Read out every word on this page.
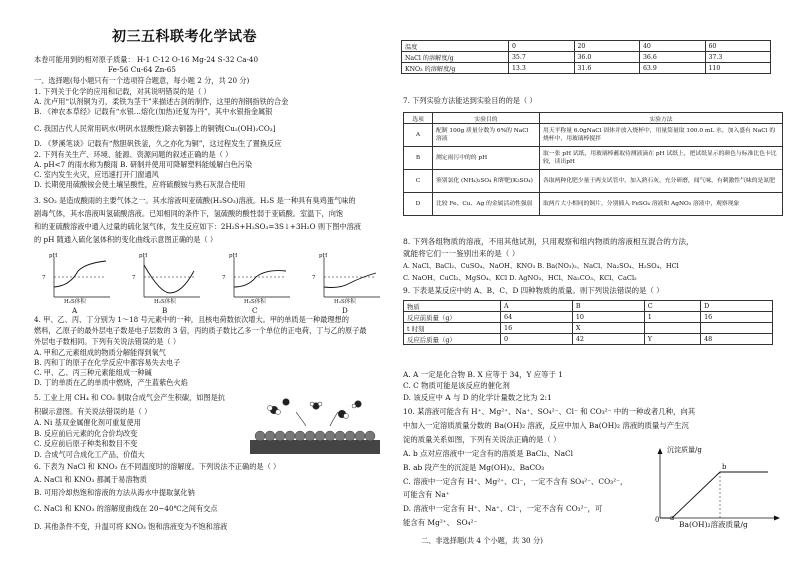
初三五科联考化学试卷
本卷可能用到的相对原子质量： H-1 C-12 O-16 Mg-24 S-32 Ca-40
Fe-56 Cu-64 Zn-65
一、选择题(每小题只有一个选项符合题意，每小题 2 分，共 20 分)
1. 下列关于化学的应用和记载，对其说明错误的是（ ）
A. 沈卢用“以剂铜为刃，柔铁为茎干”来描述古剑的制作，这里的剂钢指铁的合金
B. 《神农本草经》记载有“水银…熔化(加热)还复为丹”，其中水银指金属银
C. 我国古代人民常用矾水(明矾水显酸性)除去铜器上的铜锈[Cu₂(OH)₂CO₃]
D. 《梦溪笔谈》记载有“熬胆矾铁釜，久之亦化为铜”，这过程发生了置换反应
2. 下列有关生产、环境、能源、资源问题的叙述正确的是（ ）
A. pH<7 的雨水称为酸雨 B. 研制并使用可降解塑料能缓解白色污染
C. 室内发生火灾，应迅速打开门窗通风
D. 长期使用硫酸铵会使土壤呈酸性，应将硫酸铵与熟石灰混合使用
3. SO₂ 是造成酸雨的主要气体之一。其水溶液叫亚硫酸(H₂SO₃)溶液。H₂S 是一种具有臭鸡蛋气味的
剧毒气体，其水溶液叫氢硫酸溶液。已知相同的条件下，氢硫酸的酸性弱于亚硫酸。室温下，向饱
和的亚硫酸溶液中通入过量的硫化氢气体，发生反应如下：2H₂S+H₂SO₃=3S↓+3H₂O 则下图中溶液
的 pH 随通入硫化氢体积的变化曲线示意图正确的是（ ）
pH
7
H₂S体积
A
pH
7
H₂S体积
B
pH
7
H₂S体积
C
pH
7
H₂S体积
D
4. 甲、乙、丙、丁分别为 1～18 号元素中的一种，且核电荷数依次增大。甲的单质是一种最理想的
燃料，乙原子的最外层电子数是电子层数的 3 倍，丙的质子数比乙多一个单位的正电荷，丁与乙的原子最
外层电子数相同。下列有关说法错误的是（ ）
A. 甲和乙元素组成的物质分解能得到氧气
B. 丙和丁的原子在化学反应中都容易失去电子
C. 甲、乙、丙三种元素能组成一种碱
D. 丁的单质在乙的单质中燃烧，产生蓝紫色火焰
5. 工业上用 CH₄ 和 CO₂ 制取合成气会产生积碳，如图是抗
积碳示意图。有关说法错误的是（ ）
A. Ni 基双金属催化剂可重复使用
B. 反应前后元素的化合价均改变
C. 反应前后原子种类和数目不变
D. 合成气可合成化工产品，价值大
Ni基双金属催化剂
6. 下表为 NaCl 和 KNO₃ 在不同温度时的溶解度。下列说法不正确的是（ ）
A. NaCl 和 KNO₃ 都属于易溶物质
B. 可用冷却热饱和溶液的方法从海水中提取氯化钠
C. NaCl 和 KNO₃ 的溶解度曲线在 20~40℃之间有交点
D. 其他条件不变，升温可将 KNO₃ 饱和溶液变为不饱和溶液
温度	0	20	40	60
NaCl 的溶解度/g	35.7	36.0	36.6	37.3
KNO₃ 的溶解度/g	13.3	31.6	63.9	110
7. 下列实验方法能达到实验目的的是（ ）
选项	实验目的	实验方法
A	配制 100g 质量分数为 6%的 NaCl 溶液	用天平称量 6.0gNaCl 固体并放入烧杯中，用量筒量取 100.0 mL 水，加入盛有 NaCl 的烧杯中，用玻璃棒搅拌
B	测定雨污中的的 pH	取一张 pH 试纸，用玻璃棒蘸取待测液滴在 pH 试纸上，把试纸显示的颜色与标准比色卡比较，读出pH
C	鉴别氯化 (NH₄)₂SO₄ 和钾肥(K₂SO₄)	各取两种化肥少量于两支试管中，加入熟石灰，充分研磨，闻气味，有刺激性气味的是氮肥
D	比较 Fe、Cu、Ag 的金属活动性强弱	取两片大小相同的铜片，分别插入 FeSO₄ 溶液和 AgNO₃ 溶液中，观察现象
8. 下列各组物质的溶液，不用其他试剂，只用观察和组内物质的溶液相互混合的方法，
就能将它们一一鉴别出来的是（ ）
A. NaCl、BaCl₂、CuSO₄、NaOH、KNO₃ B. Ba(NO₃)₂、NaCl、Na₂SO₄、H₂SO₄、HCl
C. NaOH、CuCl₂、MgSO₄、KCl D. AgNO₃、HCl、Na₂CO₃、KCl、CaCl₂
9. 下表是某反应中的 A、B、C、D 四种物质的质量。则下列说法错误的是（ ）
物质	A	B	C	D
反应前质量（g）	64	10	1	16
t 时刻	16	X		
反应后质量（g）	0	42	Y	48
A. A 一定是化合物 B. X 应等于 34，Y 应等于 1
C. C 物质可能是该反应的催化剂
D. 该反应中 A 与 D 的化学计量数之比为 2:1
10. 某溶液可能含有 H⁺、Mg²⁺、Na⁺、SO₄²⁻、Cl⁻ 和 CO₃²⁻ 中的一种或者几种，向其
中加入一定溶质质量分数的 Ba(OH)₂ 溶液，反应中加入 Ba(OH)₂ 溶液的质量与产生沉
淀的质量关系如图，下列有关说法正确的是（ ）
A. b 点对应溶液中一定含有的溶质是 BaCl₂、NaCl
B. ab 段产生的沉淀是 Mg(OH)₂、BaCO₃
C. 溶液中一定含有 H⁺、Mg²⁺、Cl⁻，一定不含有 SO₄²⁻、CO₃²⁻，
可能含有 Na⁺
D. 溶液中一定含有 H⁺、Na⁺、Cl⁻，一定不含有 CO₃²⁻，可
能含有 Mg²⁺、 SO₄²⁻
沉淀质量/g
0 a
b
Ba(OH)₂溶液质量/g
二、非选择题(共 4 个小题，共 30 分)
